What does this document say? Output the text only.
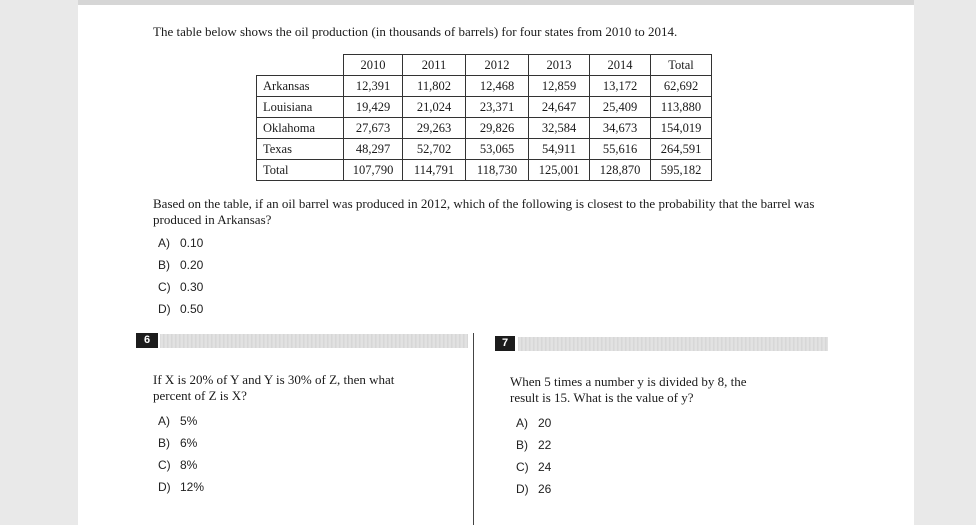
The table below shows the oil production (in thousands of barrels) for four states from 2010 to 2014.
	2010	2011	2012	2013	2014	Total
Arkansas	12,391	11,802	12,468	12,859	13,172	62,692
Louisiana	19,429	21,024	23,371	24,647	25,409	113,880
Oklahoma	27,673	29,263	29,826	32,584	34,673	154,019
Texas	48,297	52,702	53,065	54,911	55,616	264,591
Total	107,790	114,791	118,730	125,001	128,870	595,182
Based on the table, if an oil barrel was produced in 2012, which of the following is closest to the probability that the barrel was produced in Arkansas?
A) 0.10
B) 0.20
C) 0.30
D) 0.50
6
If X is 20% of Y and Y is 30% of Z, then what
percent of Z is X?
A) 5%
B) 6%
C) 8%
D) 12%
7
When 5 times a number y is divided by 8, the
result is 15. What is the value of y?
A) 20
B) 22
C) 24
D) 26
